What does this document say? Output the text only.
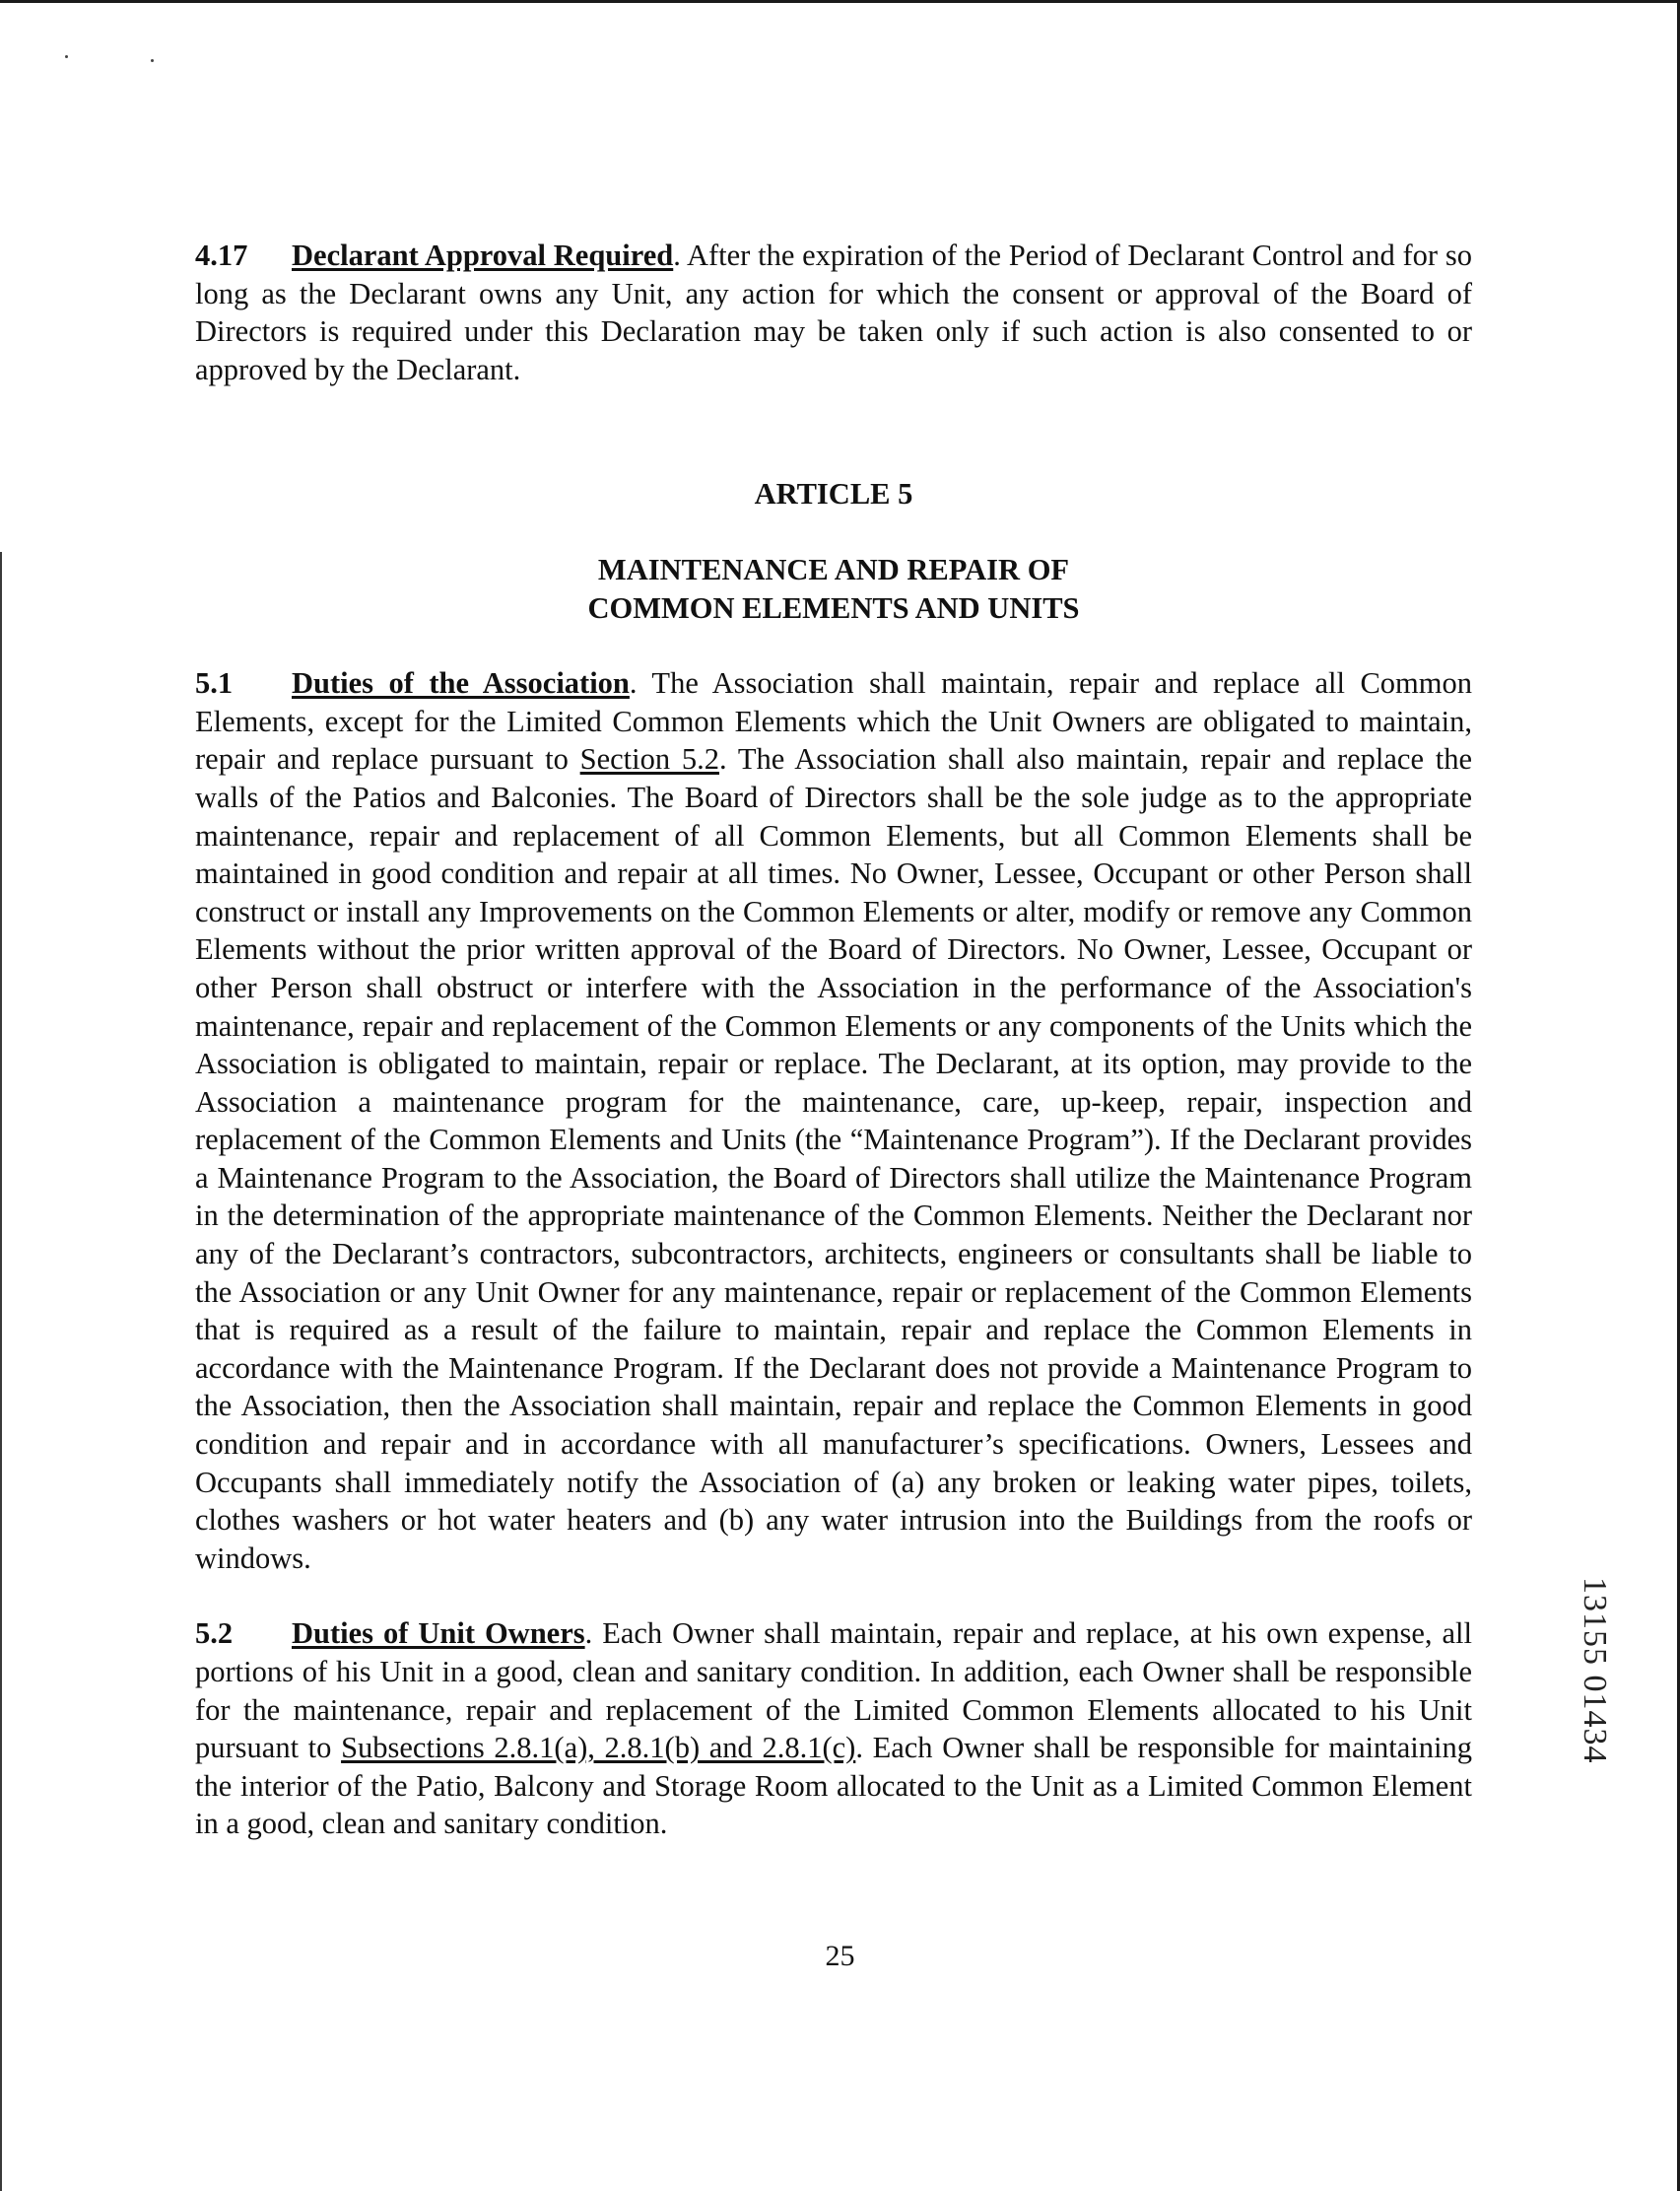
4.17 Declarant Approval Required. After the expiration of the Period of Declarant Control and for so long as the Declarant owns any Unit, any action for which the consent or approval of the Board of Directors is required under this Declaration may be taken only if such action is also consented to or approved by the Declarant.

ARTICLE 5

MAINTENANCE AND REPAIR OF

COMMON ELEMENTS AND UNITS

5.1 Duties of the Association. The Association shall maintain, repair and replace all Common Elements, except for the Limited Common Elements which the Unit Owners are obligated to maintain, repair and replace pursuant to Section 5.2. The Association shall also maintain, repair and replace the walls of the Patios and Balconies. The Board of Directors shall be the sole judge as to the appropriate maintenance, repair and replacement of all Common Elements, but all Common Elements shall be maintained in good condition and repair at all times. No Owner, Lessee, Occupant or other Person shall construct or install any Improvements on the Common Elements or alter, modify or remove any Common Elements without the prior written approval of the Board of Directors. No Owner, Lessee, Occupant or other Person shall obstruct or interfere with the Association in the performance of the Association's maintenance, repair and replacement of the Common Elements or any components of the Units which the Association is obligated to maintain, repair or replace. The Declarant, at its option, may provide to the Association a maintenance program for the maintenance, care, up-keep, repair, inspection and replacement of the Common Elements and Units (the “Maintenance Program”). If the Declarant provides a Maintenance Program to the Association, the Board of Directors shall utilize the Maintenance Program in the determination of the appropriate maintenance of the Common Elements. Neither the Declarant nor any of the Declarant’s contractors, subcontractors, architects, engineers or consultants shall be liable to the Association or any Unit Owner for any maintenance, repair or replacement of the Common Elements that is required as a result of the failure to maintain, repair and replace the Common Elements in accordance with the Maintenance Program. If the Declarant does not provide a Maintenance Program to the Association, then the Association shall maintain, repair and replace the Common Elements in good condition and repair and in accordance with all manufacturer’s specifications. Owners, Lessees and Occupants shall immediately notify the Association of (a) any broken or leaking water pipes, toilets, clothes washers or hot water heaters and (b) any water intrusion into the Buildings from the roofs or windows.

5.2 Duties of Unit Owners. Each Owner shall maintain, repair and replace, at his own expense, all portions of his Unit in a good, clean and sanitary condition. In addition, each Owner shall be responsible for the maintenance, repair and replacement of the Limited Common Elements allocated to his Unit pursuant to Subsections 2.8.1(a), 2.8.1(b) and 2.8.1(c). Each Owner shall be responsible for maintaining the interior of the Patio, Balcony and Storage Room allocated to the Unit as a Limited Common Element in a good, clean and sanitary condition.

25
13155 01434
